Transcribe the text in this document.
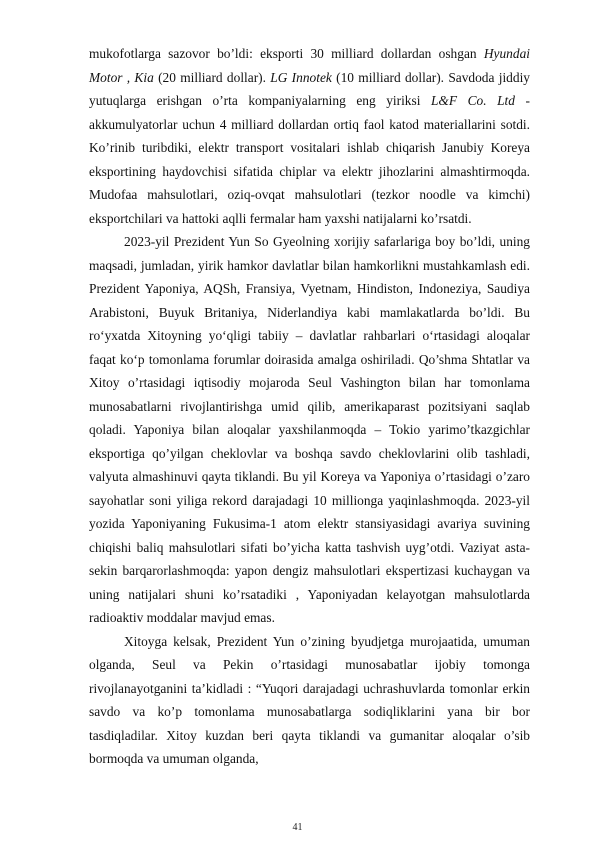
mukofotlarga sazovor bo’ldi: eksporti 30 milliard dollardan oshgan Hyundai Motor , Kia (20 milliard dollar). LG Innotek (10 milliard dollar). Savdoda jiddiy yutuqlarga erishgan o’rta kompaniyalarning eng yiriksi L&F Co. Ltd - akkumulyatorlar uchun 4 milliard dollardan ortiq faol katod materiallarini sotdi. Ko’rinib turibdiki, elektr transport vositalari ishlab chiqarish Janubiy Koreya eksportining haydovchisi sifatida chiplar va elektr jihozlarini almashtirmoqda. Mudofaa mahsulotlari, oziq-ovqat mahsulotlari (tezkor noodle va kimchi) eksportchilari va hattoki aqlli fermalar ham yaxshi natijalarni ko’rsatdi.

2023-yil Prezident Yun So Gyeolning xorijiy safarlariga boy bo’ldi, uning maqsadi, jumladan, yirik hamkor davlatlar bilan hamkorlikni mustahkamlash edi. Prezident Yaponiya, AQSh, Fransiya, Vyetnam, Hindiston, Indoneziya, Saudiya Arabistoni, Buyuk Britaniya, Niderlandiya kabi mamlakatlarda bo’ldi. Bu ro‘yxatda Xitoyning yo‘qligi tabiiy – davlatlar rahbarlari o‘rtasidagi aloqalar faqat ko‘p tomonlama forumlar doirasida amalga oshiriladi. Qo’shma Shtatlar va Xitoy o’rtasidagi iqtisodiy mojaroda Seul Vashington bilan har tomonlama munosabatlarni rivojlantirishga umid qilib, amerikaparast pozitsiyani saqlab qoladi. Yaponiya bilan aloqalar yaxshilanmoqda – Tokio yarimo’tkazgichlar eksportiga qo’yilgan cheklovlar va boshqa savdo cheklovlarini olib tashladi, valyuta almashinuvi qayta tiklandi. Bu yil Koreya va Yaponiya o’rtasidagi o’zaro sayohatlar soni yiliga rekord darajadagi 10 millionga yaqinlashmoqda. 2023-yil yozida Yaponiyaning Fukusima-1 atom elektr stansiyasidagi avariya suvining chiqishi baliq mahsulotlari sifati bo’yicha katta tashvish uyg’otdi. Vaziyat asta-sekin barqarorlashmoqda: yapon dengiz mahsulotlari ekspertizasi kuchaygan va uning natijalari shuni ko’rsatadiki , Yaponiyadan kelayotgan mahsulotlarda radioaktiv moddalar mavjud emas.

Xitoyga kelsak, Prezident Yun o’zining byudjetga murojaatida, umuman olganda, Seul va Pekin o’rtasidagi munosabatlar ijobiy tomonga rivojlanayotganini ta’kidladi : “Yuqori darajadagi uchrashuvlarda tomonlar erkin savdo va ko’p tomonlama munosabatlarga sodiqliklarini yana bir bor tasdiqladilar. Xitoy kuzdan beri qayta tiklandi va gumanitar aloqalar o’sib bormoqda va umuman olganda,

41
